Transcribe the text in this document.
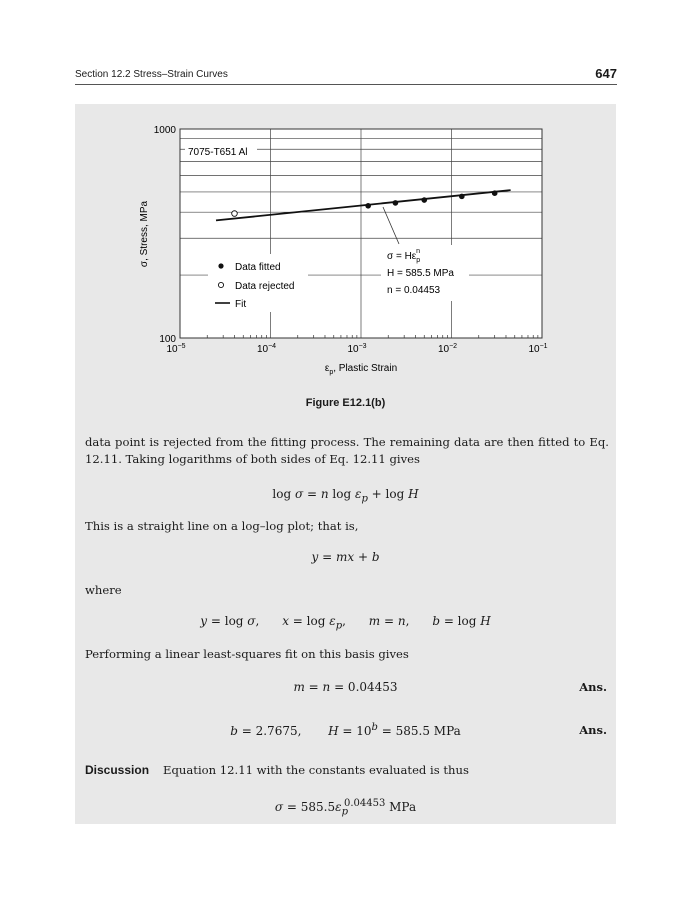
Section 12.2 Stress–Strain Curves	647
7075-T651 Al
Data fitted
Data rejected
Fit
$\sigma = H\varepsilon_pn$
H = 585.5 MPa
n = 0.04453
1000
100
$10^{-5}$	$10^{-4}$	$10^{-3}$	$10^{-2}$	$10^{-1}$
σ, Stress, MPa
$\varepsilon_p$, Plastic Strain
Figure E12.1(b)
data point is rejected from the fitting process. The remaining data are then fitted to Eq. 12.11. Taking logarithms of both sides of Eq. 12.11 gives
log σ = n $\log \varepsilon_p + \log H$
This is a straight line on a log–log plot; that is,
y = mx + b
where
y = log σ,      $x = \log \varepsilon_p$,      m = n,      b = log H
Performing a linear least-squares fit on this basis gives
m = n = 0.04453	Ans.
b = 2.7675,       $H = 10^b = 585.5$ MPa	Ans.
Discussion Equation 12.11 with the constants evaluated is thus
$\sigma = 585.5\varepsilon_p^{0.04453}$ MPa
